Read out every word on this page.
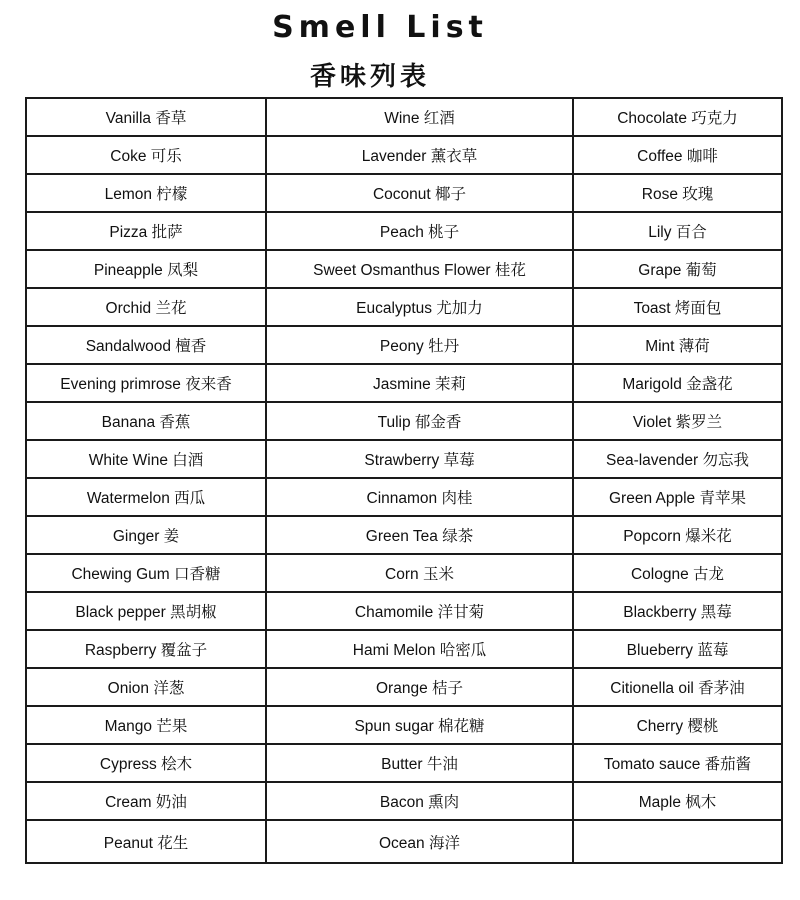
Smell List
香味列表
Vanilla 香草	Wine 红酒	Chocolate 巧克力
Coke 可乐	Lavender 薰衣草	Coffee 咖啡
Lemon 柠檬	Coconut 椰子	Rose 玫瑰
Pizza 批萨	Peach 桃子	Lily 百合
Pineapple 凤梨	Sweet Osmanthus Flower 桂花	Grape 葡萄
Orchid 兰花	Eucalyptus 尤加力	Toast 烤面包
Sandalwood 檀香	Peony 牡丹	Mint 薄荷
Evening primrose 夜来香	Jasmine 茉莉	Marigold 金盏花
Banana 香蕉	Tulip 郁金香	Violet 紫罗兰
White Wine 白酒	Strawberry 草莓	Sea-lavender 勿忘我
Watermelon 西瓜	Cinnamon 肉桂	Green Apple 青苹果
Ginger 姜	Green Tea 绿茶	Popcorn 爆米花
Chewing Gum 口香糖	Corn 玉米	Cologne 古龙
Black pepper 黑胡椒	Chamomile 洋甘菊	Blackberry 黑莓
Raspberry 覆盆子	Hami Melon 哈密瓜	Blueberry 蓝莓
Onion 洋葱	Orange 桔子	Citionella oil 香茅油
Mango 芒果	Spun sugar 棉花糖	Cherry 樱桃
Cypress 桧木	Butter 牛油	Tomato sauce 番茄酱
Cream 奶油	Bacon 熏肉	Maple 枫木
Peanut 花生	Ocean 海洋	
